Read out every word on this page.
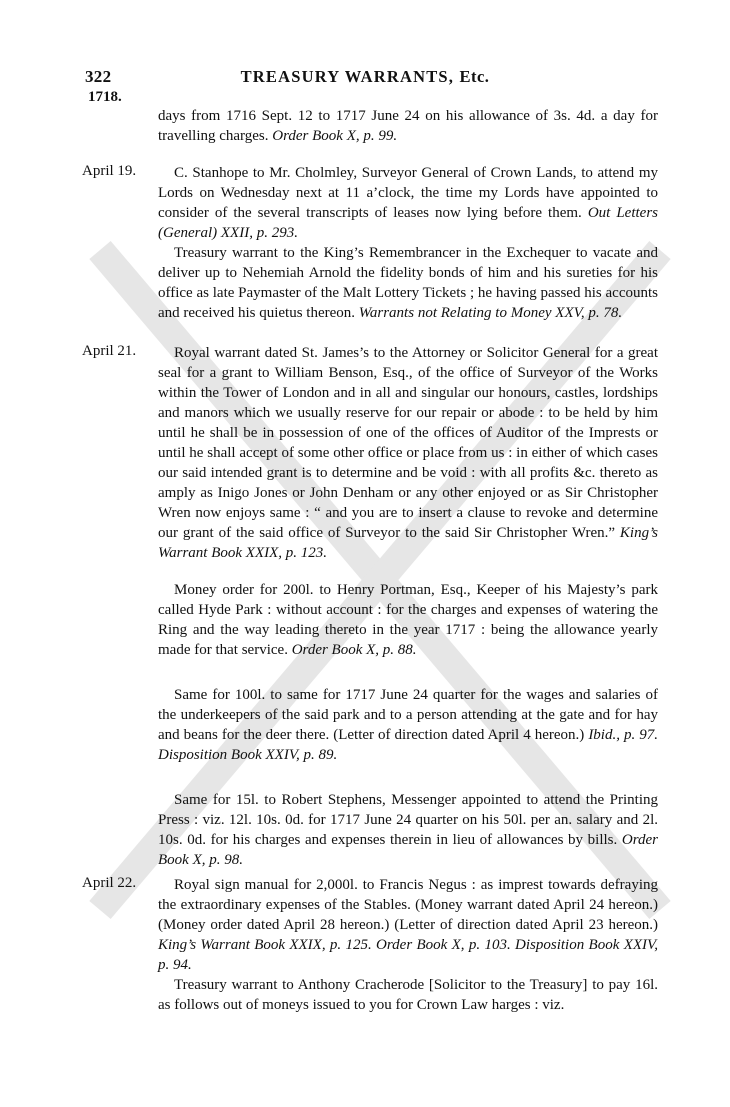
322	TREASURY WARRANTS, Etc.
1718.
days from 1716 Sept. 12 to 1717 June 24 on his allowance of 3s. 4d. a day for travelling charges. Order Book X, p. 99.
April 19.	C. Stanhope to Mr. Cholmley, Surveyor General of Crown Lands, to attend my Lords on Wednesday next at 11 a’clock, the time my Lords have appointed to consider of the several transcripts of leases now lying before them. Out Letters (General) XXII, p. 293.
Treasury warrant to the King’s Remembrancer in the Exchequer to vacate and deliver up to Nehemiah Arnold the fidelity bonds of him and his sureties for his office as late Paymaster of the Malt Lottery Tickets ; he having passed his accounts and received his quietus thereon. Warrants not Relating to Money XXV, p. 78.
April 21.	Royal warrant dated St. James’s to the Attorney or Solicitor General for a great seal for a grant to William Benson, Esq., of the office of Surveyor of the Works within the Tower of London and in all and singular our honours, castles, lordships and manors which we usually reserve for our repair or abode : to be held by him until he shall be in possession of one of the offices of Auditor of the Imprests or until he shall accept of some other office or place from us : in either of which cases our said intended grant is to determine and be void : with all profits &c. thereto as amply as Inigo Jones or John Denham or any other enjoyed or as Sir Christopher Wren now enjoys same : “ and you are to insert a clause to revoke and determine our grant of the said office of Surveyor to the said Sir Christopher Wren.” King’s Warrant Book XXIX, p. 123.
Money order for 200l. to Henry Portman, Esq., Keeper of his Majesty’s park called Hyde Park : without account : for the charges and expenses of watering the Ring and the way leading thereto in the year 1717 : being the allowance yearly made for that service. Order Book X, p. 88.
Same for 100l. to same for 1717 June 24 quarter for the wages and salaries of the underkeepers of the said park and to a person attending at the gate and for hay and beans for the deer there. (Letter of direction dated April 4 hereon.) Ibid., p. 97. Disposition Book XXIV, p. 89.
Same for 15l. to Robert Stephens, Messenger appointed to attend the Printing Press : viz. 12l. 10s. 0d. for 1717 June 24 quarter on his 50l. per an. salary and 2l. 10s. 0d. for his charges and expenses therein in lieu of allowances by bills. Order Book X, p. 98.
April 22.	Royal sign manual for 2,000l. to Francis Negus : as imprest towards defraying the extraordinary expenses of the Stables. (Money warrant dated April 24 hereon.) (Money order dated April 28 hereon.) (Letter of direction dated April 23 hereon.) King’s Warrant Book XXIX, p. 125. Order Book X, p. 103. Disposition Book XXIV, p. 94.
Treasury warrant to Anthony Cracherode [Solicitor to the Treasury] to pay 16l. as follows out of moneys issued to you for Crown Law harges : viz.
